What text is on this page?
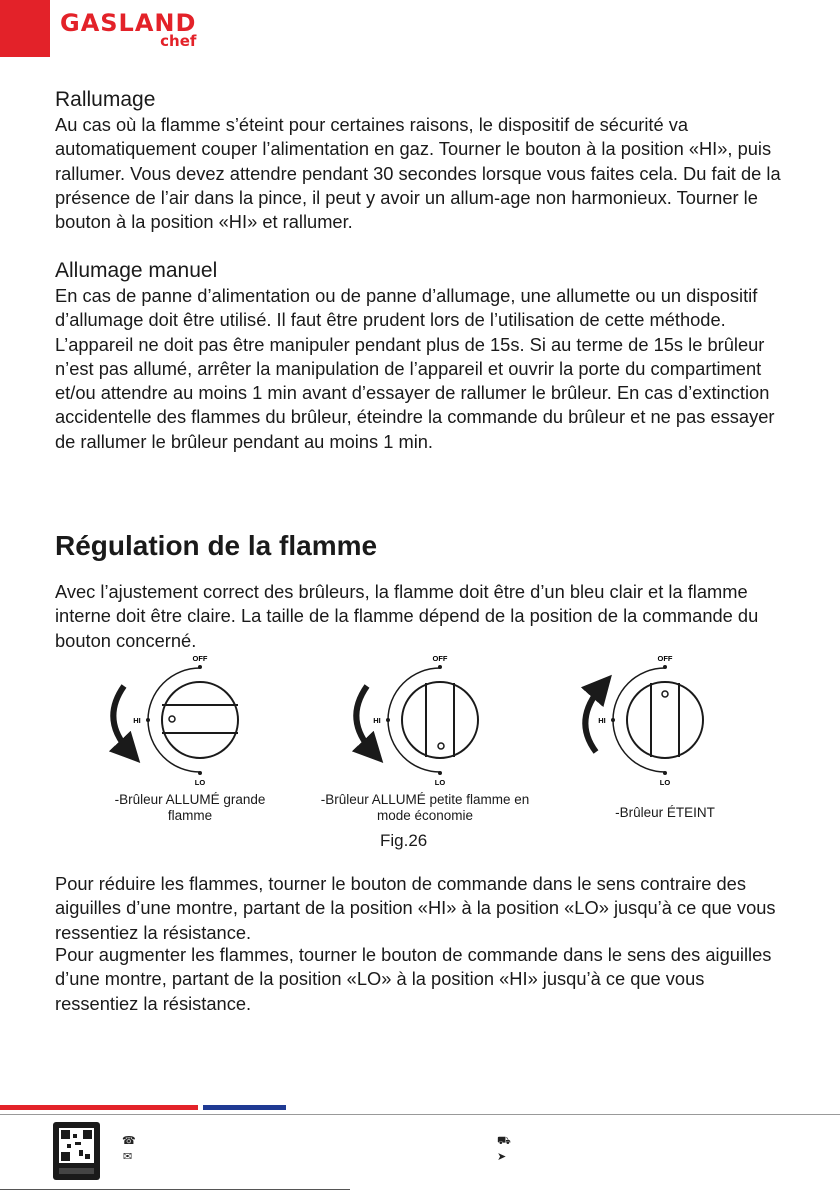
GASLAND
chef
Rallumage

Au cas où la flamme s’éteint pour certaines raisons, le dispositif de sécurité va automatiquement couper l’alimentation en gaz. Tourner le bouton à la position «HI», puis rallumer. Vous devez attendre pendant 30 secondes lorsque vous faites cela. Du fait de la présence de l’air dans la pince, il peut y avoir un allum-age non harmonieux. Tourner le bouton à la position «HI» et rallumer.

Allumage manuel

En cas de panne d’alimentation ou de panne d’allumage, une allumette ou un dispositif d’allumage doit être utilisé. Il faut être prudent lors de l’utilisation de cette méthode. L’appareil ne doit pas être manipuler pendant plus de 15s. Si au terme de 15s le brûleur n’est pas allumé, arrêter la manipulation de l’appareil et ouvrir la porte du compartiment et/ou attendre au moins 1 min avant d’essayer de rallumer le brûleur. En cas d’extinction accidentelle des flammes du brûleur, éteindre la commande du brûleur et ne pas essayer de rallumer le brûleur pendant au moins 1 min.

Régulation de la flamme

Avec l’ajustement correct des brûleurs, la flamme doit être d’un bleu clair et la flamme interne doit être claire. La taille de la flamme dépend de la position de la commande du bouton concerné.

OFF
HI
LO
OFF
HI
LO
OFF
HI
LO
-Brûleur ALLUMÉ grande flamme
-Brûleur ALLUMÉ petite flamme en mode économie	-Brûleur ÉTEINT
Fig.26

Pour réduire les flammes, tourner le bouton de commande dans le sens contraire des aiguilles d’une montre, partant de la position «HI» à la position «LO» jusqu’à ce que vous ressentiez la résistance.

Pour augmenter les flammes, tourner le bouton de commande dans le sens des aiguilles d’une montre, partant de la position «LO» à la position «HI» jusqu’à ce que vous ressentiez la résistance.

☎
✉
⛟
➤
